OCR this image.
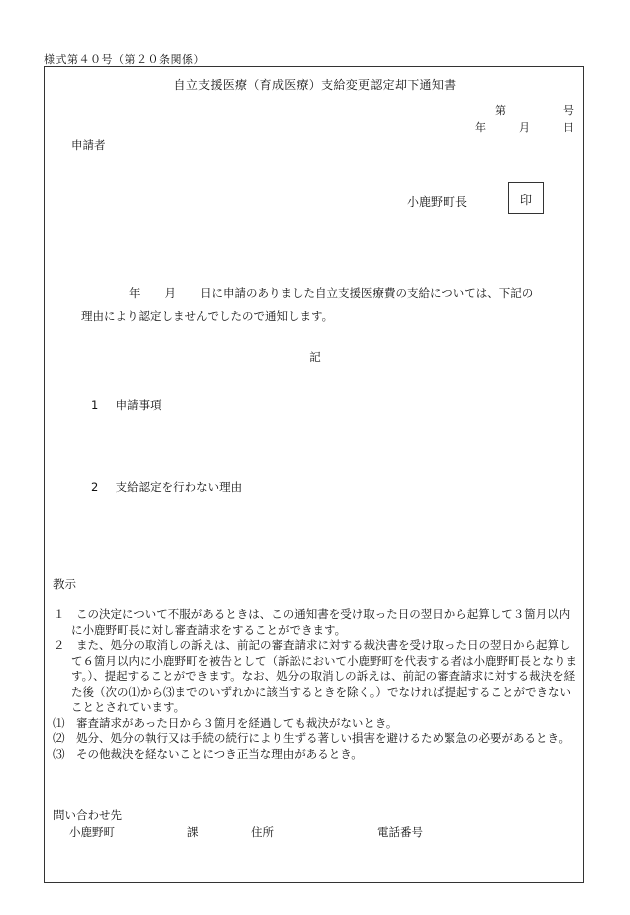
様式第４０号（第２０条関係）
自立支援医療（育成医療）支給変更認定却下通知書
第	号
年	月	日
申請者
小鹿野町長	印
年 月 日に申請のありました自立支援医療費の支給については、下記の
理由により認定しませんでしたので通知します。
記
1 申請事項
2 支給認定を行わない理由
教示

１　この決定について不服があるときは、この通知書を受け取った日の翌日から起算して３箇月以内に小鹿野町長に対し審査請求をすることができます。

２　また、処分の取消しの訴えは、前記の審査請求に対する裁決書を受け取った日の翌日から起算して６箇月以内に小鹿野町を被告として（訴訟において小鹿野町を代表する者は小鹿野町長となります。）、提起することができます。なお、処分の取消しの訴えは、前記の審査請求に対する裁決を経た後（次の⑴から⑶までのいずれかに該当するときを除く。）でなければ提起することができないこととされています。

⑴　審査請求があった日から３箇月を経過しても裁決がないとき。

⑵　処分、処分の執行又は手続の続行により生ずる著しい損害を避けるため緊急の必要があるとき。

⑶　その他裁決を経ないことにつき正当な理由があるとき。

問い合わせ先
小鹿野町	課	住所	電話番号
